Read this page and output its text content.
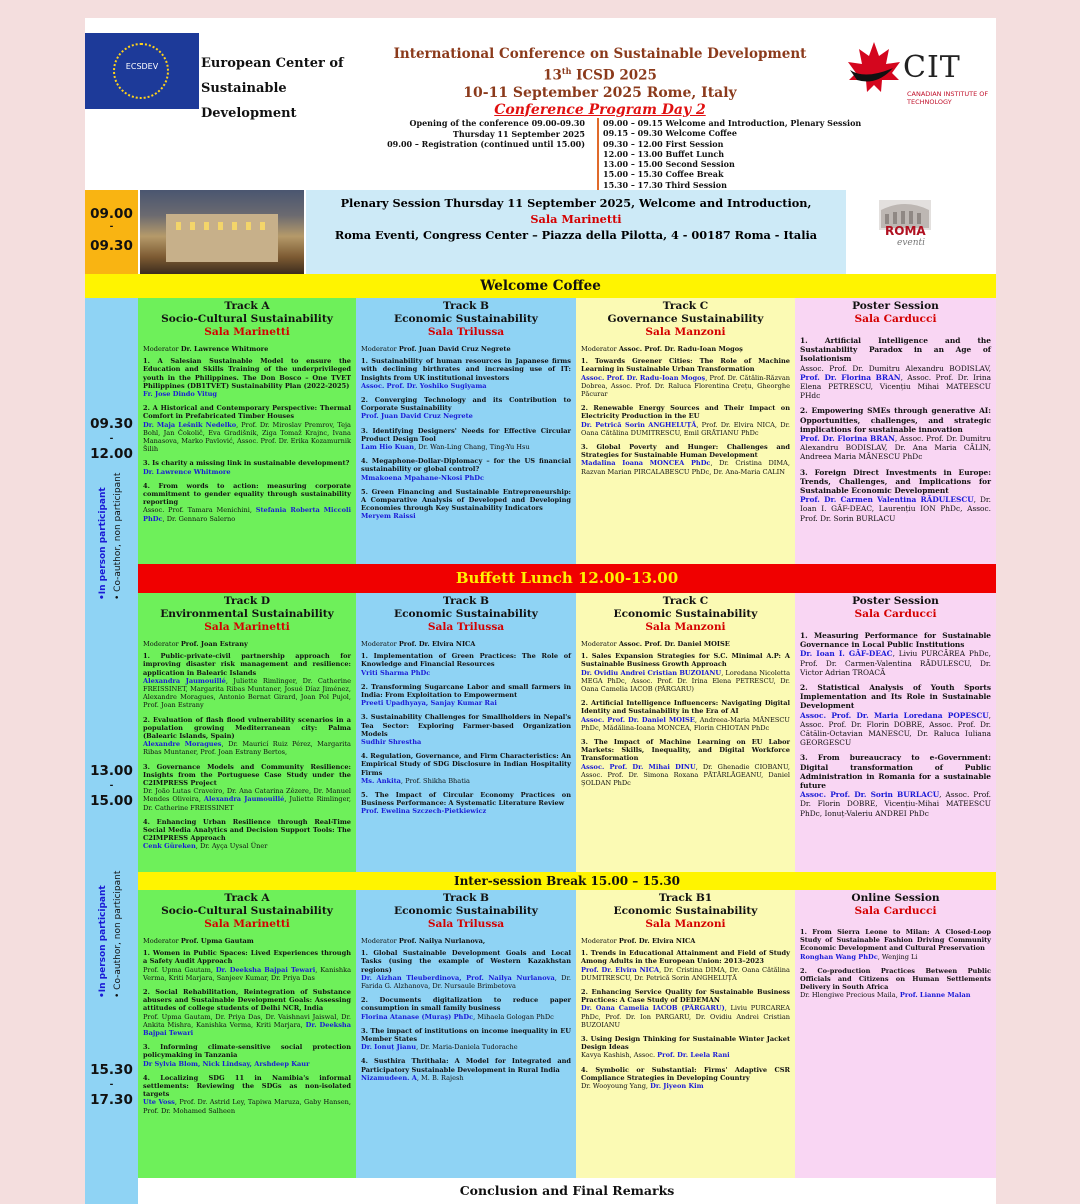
ECSDEV	European Center of
Sustainable Development
International Conference on Sustainable Development
13th ICSD 2025
10-11 September 2025 Rome, Italy
Conference Program Day 2
CIT
CANADIAN INSTITUTE OF TECHNOLOGY
Opening of the conference 09.00-09.30
Thursday 11 September 2025
09.00 – Registration (continued until 15.00)
09.00 – 09.15 Welcome and Introduction, Plenary Session
09.15 – 09.30 Welcome Coffee
09.30 – 12.00 First Session
12.00 – 13.00 Buffet Lunch
13.00 – 15.00 Second Session
15.00 – 15.30 Coffee Break
15.30 – 17.30 Third Session
09.00
-
09.30
Plenary Session Thursday 11 September 2025, Welcome and Introduction,
Sala Marinetti
Roma Eventi, Congress Center – Piazza della Pilotta, 4 - 00187 Roma - Italia	ROMA
eventi
Welcome Coffee
09.30
-
12.00
•In person participant • Co-author, non participant
13.00
-
15.00
•In person participant • Co-author, non participant
15.30
-
17.30
Track A
Socio-Cultural Sustainability
Sala Marinetti
Moderator Dr. Lawrence Whitmore
1. A Salesian Sustainable Model to ensure the Education and Skills Training of the underprivileged youth in the Philippines. The Don Bosco – One TVET Philippines (DB1TVET) Sustainability Plan (2022-2025)
Fr. Jose Dindo Vitug
2. A Historical and Contemporary Perspective: Thermal Comfort in Prefabricated Timber Houses
Dr. Maja Lešnik Nedelko, Prof. Dr. Miroslav Premrov, Teja Bohl, Jan Čokolič, Eva Gradišnik, Ziga Tomaž Krajnc, Ivana Manasova, Marko Pavlović, Assoc. Prof. Dr. Erika Kozamurnik Šilih
3. Is charity a missing link in sustainable development?
Dr. Lawrence Whitmore
4. From words to action: measuring corporate commitment to gender equality through sustainability reporting
Assoc. Prof. Tamara Menichini, Stefania Roberta Miccoli PhDc, Dr. Gennaro Salerno
Track B
Economic Sustainability
Sala Trilussa
Moderator Prof. Juan David Cruz Negrete
1. Sustainability of human resources in Japanese firms with declining birthrates and increasing use of IT: Insights from UK institutional investors
Assoc. Prof. Dr. Yoshiko Sugiyama
2. Converging Technology and its Contribution to Corporate Sustainability
Prof. Juan David Cruz Negrete
3. Identifying Designers' Needs for Effective Circular Product Design Tool
Lam Hio Kuan, Dr. Wan-Ling Chang, Ting-Yu Hsu
4. Megaphone-Dollar-Diplomacy – for the US financial sustainability or global control?
Mmakoena Mpahane-Nkosi PhDc
5. Green Financing and Sustainable Entrepreneurship: A Comparative Analysis of Developed and Developing Economies through Key Sustainability Indicators
Meryem Raissi
Track C
Governance Sustainability
Sala Manzoni
Moderator Assoc. Prof. Dr. Radu-Ioan Mogoș
1. Towards Greener Cities: The Role of Machine Learning in Sustainable Urban Transformation
Assoc. Prof. Dr. Radu-Ioan Mogoș, Prof. Dr. Cătălin-Răzvan Dobrea, Assoc. Prof. Dr. Raluca Florentina Crețu, Gheorghe Păcurar
2. Renewable Energy Sources and Their Impact on Electricity Production in the EU
Dr. Petrică Sorin ANGHELUȚĂ, Prof. Dr. Elvira NICA, Dr. Oana Cătălina DUMITRESCU, Emil GRĂTIANU PhDc
3. Global Poverty and Hunger: Challenges and Strategies for Sustainable Human Development
Madalina Ioana MONCEA PhDc, Dr. Cristina DIMA, Razvan Marian PIRCALABESCU PhDc, Dr. Ana-Maria CALIN
Poster Session
Sala Carducci
1. Artificial Intelligence and the Sustainability Paradox in an Age of Isolationism
Assoc. Prof. Dr. Dumitru Alexandru BODISLAV, Prof. Dr. Florina BRAN, Assoc. Prof. Dr. Irina Elena PETRESCU, Vicențiu Mihai MATEESCU PHdc
2. Empowering SMEs through generative AI: Opportunities, challenges, and strategic implications for sustainable innovation
Prof. Dr. Florina BRAN, Assoc. Prof. Dr. Dumitru Alexandru BODISLAV, Dr. Ana Maria CĂLIN, Andreea Maria MĂNESCU PhDc
3. Foreign Direct Investments in Europe: Trends, Challenges, and Implications for Sustainable Economic Development
Prof. Dr. Carmen Valentina RĂDULESCU, Dr. Ioan I. GÂF-DEAC, Laurențiu ION PhDc, Assoc. Prof. Dr. Sorin BURLACU
Buffett Lunch 12.00-13.00
Track D
Environmental Sustainability
Sala Marinetti
Moderator Prof. Joan Estrany
1. Public-private-civil partnership approach for improving disaster risk management and resilience: application in Balearic Islands
Alexandra Jaumouillé, Juliette Rimlinger, Dr. Catherine FREISSINET, Margarita Ribas Muntaner, Josué Díaz Jiménez, Alexandre Moragues, Antonio Bernat Girard, Joan Pol Pujol, Prof. Joan Estrany
2. Evaluation of flash flood vulnerability scenarios in a population growing Mediterranean city: Palma (Balearic Islands, Spain)
Alexandre Moragues, Dr. Mauricí Ruiz Pérez, Margarita Ribas Muntaner, Prof. Joan Estrany Bertos,
3. Governance Models and Community Resilience: Insights from the Portuguese Case Study under the C2IMPRESS Project
Dr. João Lutas Craveiro, Dr. Ana Catarina Zêzere, Dr. Manuel Mendes Oliveira, Alexandra Jaumouillé, Juliette Rimlinger, Dr. Catherine FREISSINET
4. Enhancing Urban Resilience through Real-Time Social Media Analytics and Decision Support Tools: The C2IMPRESS Approach
Cenk Güreken, Dr. Ayça Uysal Üner
Track B
Economic Sustainability
Sala Trilussa
Moderator Prof. Dr. Elvira NICA
1. Implementation of Green Practices: The Role of Knowledge and Financial Resources
Vriti Sharma PhDc
2. Transforming Sugarcane Labor and small farmers in India: From Exploitation to Empowerment
Preeti Upadhyaya, Sanjay Kumar Rai
3. Sustainability Challenges for Smallholders in Nepal's Tea Sector: Exploring Farmer-based Organization Models
Sudhir Shrestha
4. Regulation, Governance, and Firm Characteristics: An Empirical Study of SDG Disclosure in Indian Hospitality Firms
Ms. Ankita, Prof. Shikha Bhatia
5. The Impact of Circular Economy Practices on Business Performance: A Systematic Literature Review
Prof. Ewelina Szczech-Pietkiewicz
Track C
Economic Sustainability
Sala Manzoni
Moderator Assoc. Prof. Dr. Daniel MOISE
1. Sales Expansion Strategies for S.C. Minimal A.P: A Sustainable Business Growth Approach
Dr. Ovidiu Andrei Cristian BUZOIANU, Loredana Nicoletta MEGA PhDc, Assoc. Prof. Dr. Irina Elena PETRESCU, Dr. Oana Camelia IACOB (PÂRGARU)
2. Artificial Intelligence Influencers: Navigating Digital Identity and Sustainability in the Era of AI
Assoc. Prof. Dr. Daniel MOISE, Andreea-Maria MĂNESCU PhDc, Mădălina-Ioana MONCEA, Florin CHIOTAN PhDc
3. The Impact of Machine Learning on EU Labor Markets: Skills, Inequality, and Digital Workforce Transformation
Assoc. Prof. Dr. Mihai DINU, Dr. Ghenadie CIOBANU, Assoc. Prof. Dr. Simona Roxana PĂTĂRLĂGEANU, Daniel ȘOLDAN PhDc
Poster Session
Sala Carducci
1. Measuring Performance for Sustainable Governance in Local Public Institutions
Dr. Ioan I. GÂF-DEAC, Liviu PURCĂREA PhDc, Prof. Dr. Carmen-Valentina RĂDULESCU, Dr. Victor Adrian TROACĂ
2. Statistical Analysis of Youth Sports Implementation and Its Role in Sustainable Development
Assoc. Prof. Dr. Maria Loredana POPESCU, Assoc. Prof. Dr. Florin DOBRE, Assoc. Prof. Dr. Cătălin-Octavian MANESCU, Dr. Raluca Iuliana GEORGESCU
3. From bureaucracy to e-Government: Digital transformation of Public Administration in Romania for a sustainable future
Assoc. Prof. Dr. Sorin BURLACU, Assoc. Prof. Dr. Florin DOBRE, Vicențiu-Mihai MATEESCU PhDc, Ionuț-Valeriu ANDREI PhDc
Inter-session Break 15.00 – 15.30
Track A
Socio-Cultural Sustainability
Sala Marinetti
Moderator Prof. Upma Gautam
1. Women in Public Spaces: Lived Experiences through a Safety Audit Approach
Prof. Upma Gautam, Dr. Deeksha Bajpai Tewari, Kanishka Verma, Kriti Marjara, Sanjeev Kumar, Dr. Priya Das
2. Social Rehabilitation, Reintegration of Substance abusers and Sustainable Development Goals: Assessing attitudes of college students of Delhi NCR, India
Prof. Upma Gautam, Dr. Priya Das, Dr. Vaishnavi Jaiswal, Dr. Ankita Mishra, Kanishka Verma, Kriti Marjara, Dr. Deeksha Bajpai Tewari
3. Informing climate-sensitive social protection policymaking in Tanzania
Dr Sylvia Blom, Nick Lindsay, Arshdeep Kaur
4. Localizing SDG 11 in Namibia's informal settlements: Reviewing the SDGs as non-isolated targets
Ute Voss, Prof. Dr. Astrid Ley, Tapiwa Maruza, Gaby Hansen, Prof. Dr. Mohamed Salheen
Track B
Economic Sustainability
Sala Trilussa
Moderator Prof. Nailya Nurlanova,
1. Global Sustainable Development Goals and Local Tasks (using the example of Western Kazakhstan regions)
Dr. Aizhan Tleuberdinova, Prof. Nailya Nurlanova, Dr. Farida G. Alzhanova, Dr. Nursaule Brimbetova
2. Documents digitalization to reduce paper consumption in small family business
Florina Atanase (Muraș) PhDc, Mihaela Gologan PhDc
3. The impact of institutions on income inequality in EU Member States
Dr. Ionuț Jianu, Dr. Maria-Daniela Tudorache
4. Susthira Thrithala: A Model for Integrated and Participatory Sustainable Development in Rural India
Nizamudeen. A, M. B. Rajesh
Track B1
Economic Sustainability
Sala Manzoni
Moderator Prof. Dr. Elvira NICA
1. Trends in Educational Attainment and Field of Study Among Adults in the European Union: 2013–2023
Prof. Dr. Elvira NICA, Dr. Cristina DIMA, Dr. Oana Cătălina DUMITRESCU, Dr. Petrică Sorin ANGHELUȚĂ
2. Enhancing Service Quality for Sustainable Business Practices: A Case Study of DEDEMAN
Dr. Oana Camelia IACOB (PÂRGARU), Liviu PURCAREA PhDc, Prof. Dr. Ion PARGARU, Dr. Ovidiu Andrei Cristian BUZOIANU
3. Using Design Thinking for Sustainable Winter Jacket Design Ideas
Kavya Kashish, Assoc. Prof. Dr. Leela Rani
4. Symbolic or Substantial: Firms' Adaptive CSR Compliance Strategies in Developing Country
Dr. Wooyoung Yang, Dr. Jiyeon Kim
Online Session
Sala Carducci
1. From Sierra Leone to Milan: A Closed-Loop Study of Sustainable Fashion Driving Community Economic Development and Cultural Preservation
Ronghan Wang PhDc, Wenjing Li
2. Co-production Practices Between Public Officials and Citizens on Human Settlements Delivery in South Africa
Dr. Hlengiwe Precious Maila, Prof. Lianne Malan
Conclusion and Final Remarks
